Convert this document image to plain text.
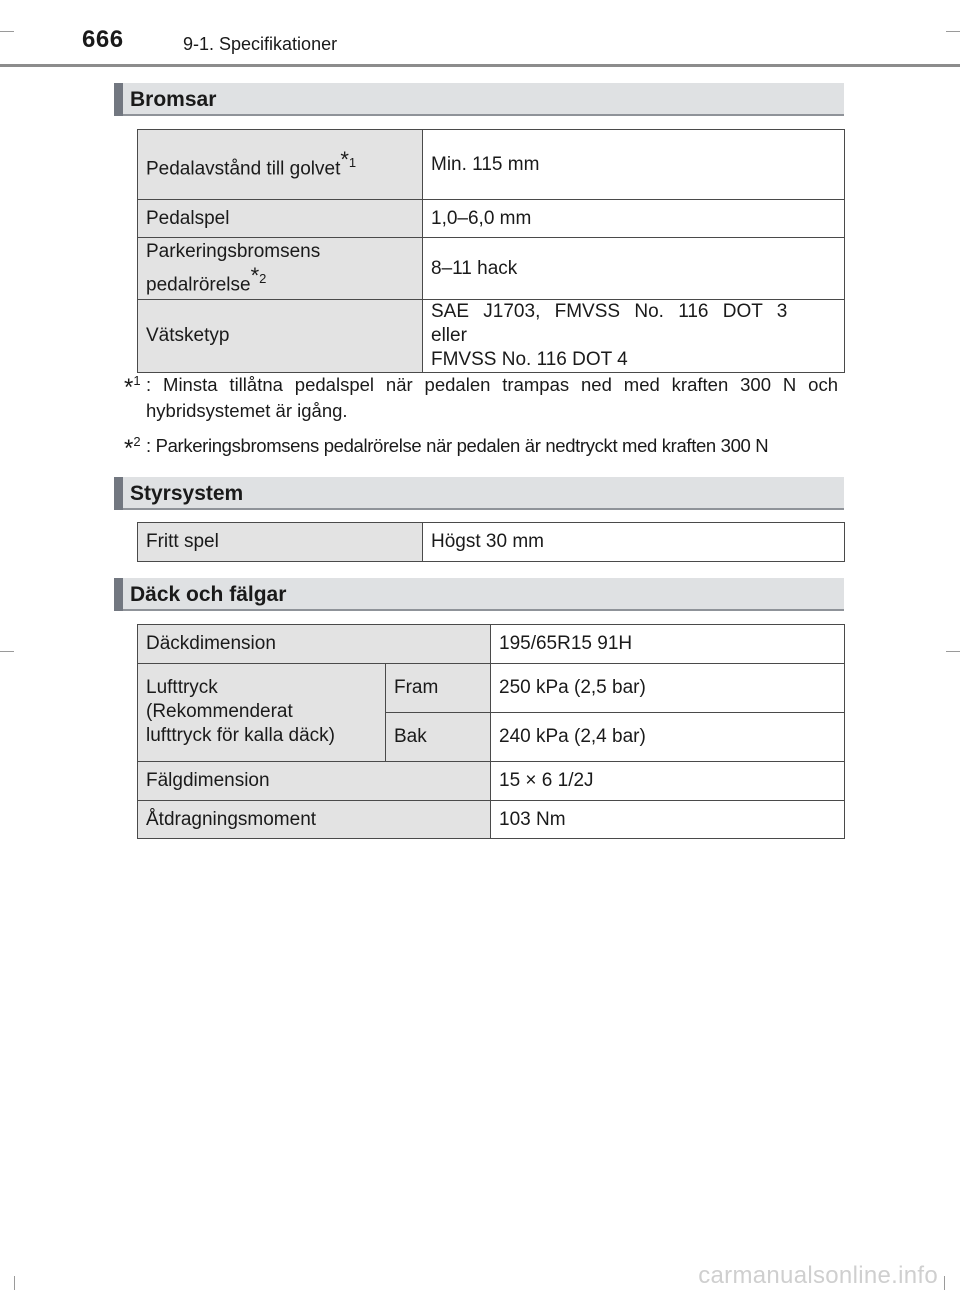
666	9-1. Specifikationer
Bromsar
Pedalavstånd till golvet*1	Min. 115 mm
Pedalspel	1,0–6,0 mm

Parkeringsbromsens
pedalrörelse*2	8–11 hack
Vätsketyp	SAE J1703, FMVSS No. 116 DOT 3 eller
FMVSS No. 116 DOT 4
*$^1$ : Minsta tillåtna pedalspel när pedalen trampas ned med kraften 300 N och hybridsystemet är igång.
*$^2$ : Parkeringsbromsens pedalrörelse när pedalen är nedtryckt med kraften 300 N
Styrsystem
Fritt spel	Högst 30 mm
Däck och fälgar
Däckdimension		195/65R15 91H

Lufttryck
(Rekommenderat
lufttryck för kalla däck)	Fram	250 kPa (2,5 bar)
	Bak	240 kPa (2,4 bar)
Fälgdimension		15 × 6 1/2J
Åtdragningsmoment		103 Nm
carmanualsonline.info
